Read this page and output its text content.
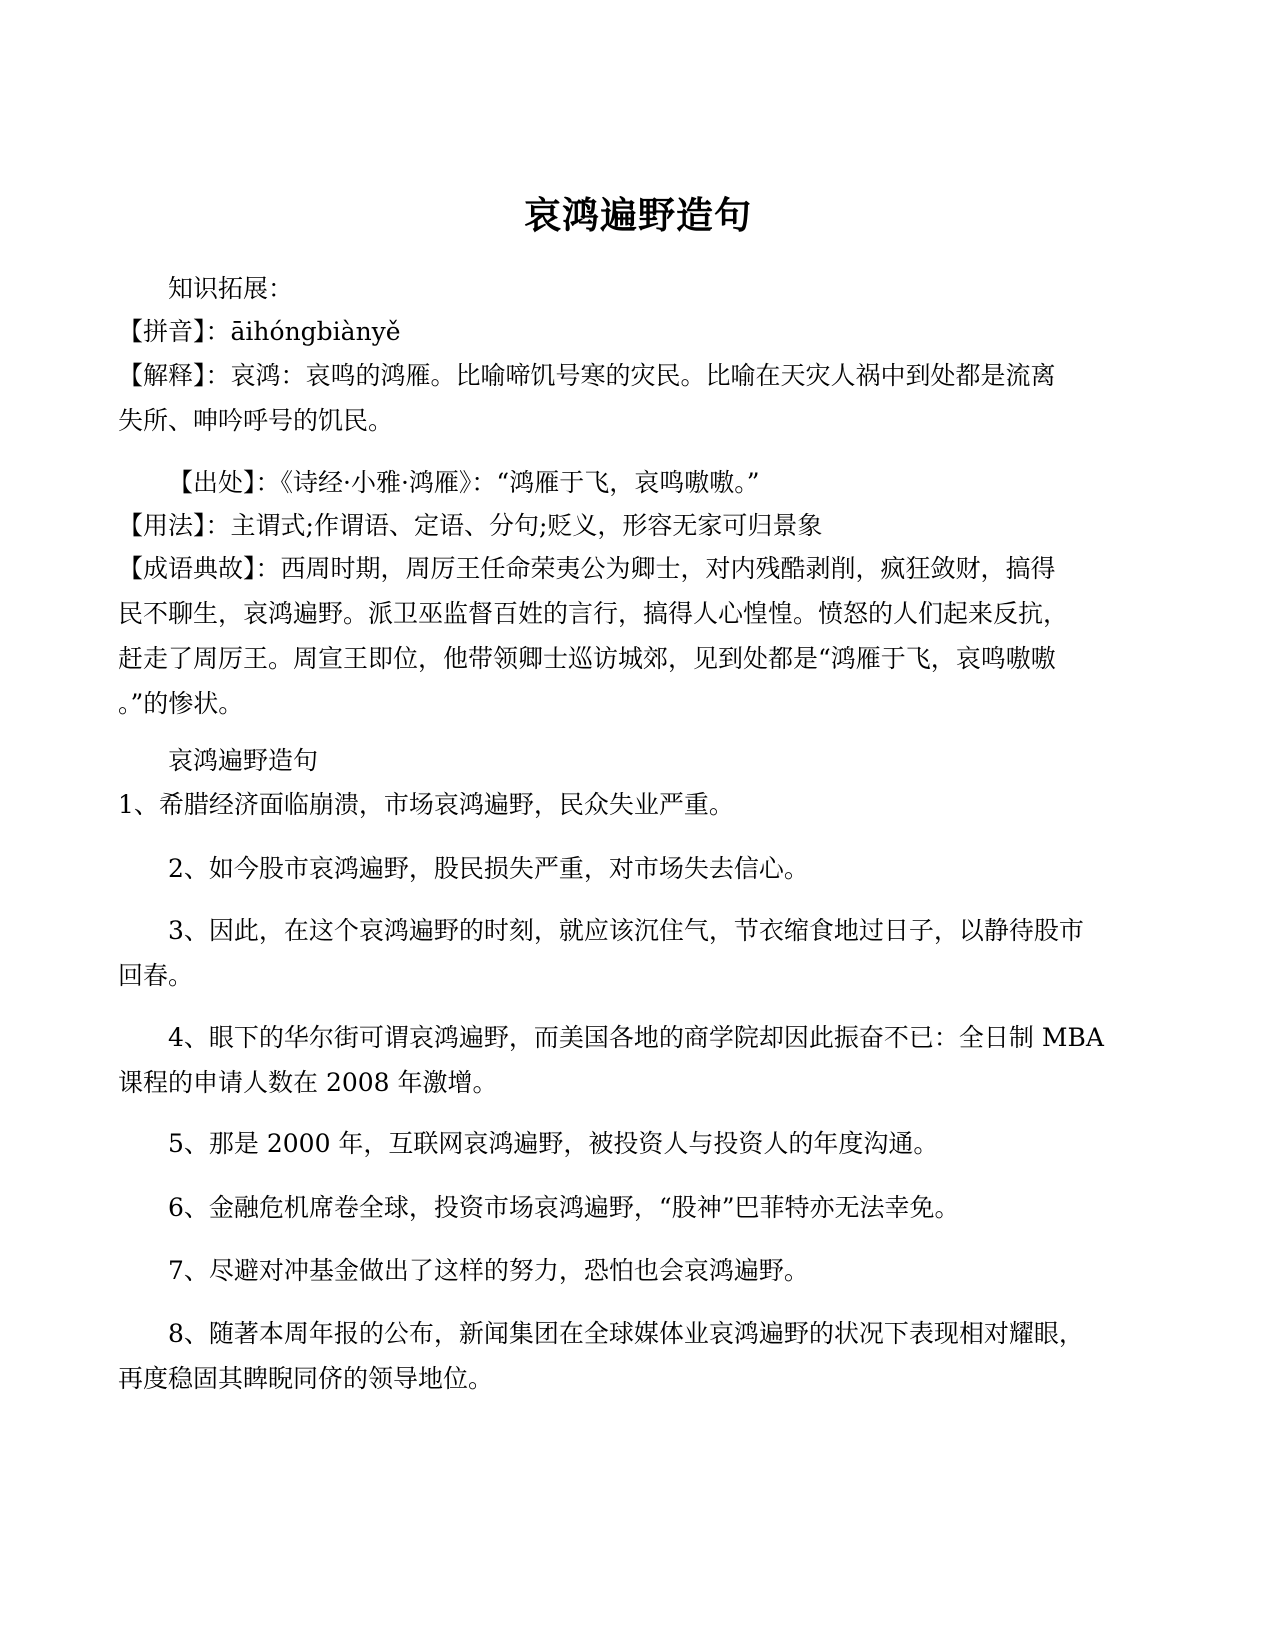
哀鸿遍野造句

知识拓展：

【拼音】：āihóngbiànyě

【解释】：哀鸿：哀鸣的鸿雁。比喻啼饥号寒的灾民。比喻在天灾人祸中到处都是流离
失所、呻吟呼号的饥民。

【出处】：《诗经·小雅·鸿雁》：“鸿雁于飞，哀鸣嗷嗷。”

【用法】：主谓式;作谓语、定语、分句;贬义，形容无家可归景象

【成语典故】：西周时期，周厉王任命荣夷公为卿士，对内残酷剥削，疯狂敛财，搞得
民不聊生，哀鸿遍野。派卫巫监督百姓的言行，搞得人心惶惶。愤怒的人们起来反抗，
赶走了周厉王。周宣王即位，他带领卿士巡访城郊，见到处都是“鸿雁于飞，哀鸣嗷嗷
。”的惨状。

哀鸿遍野造句

1、希腊经济面临崩溃，市场哀鸿遍野，民众失业严重。

2、如今股市哀鸿遍野，股民损失严重，对市场失去信心。

3、因此，在这个哀鸿遍野的时刻，就应该沉住气，节衣缩食地过日子，以静待股市
回春。

4、眼下的华尔街可谓哀鸿遍野，而美国各地的商学院却因此振奋不已：全日制 MBA
课程的申请人数在 2008 年激增。

5、那是 2000 年，互联网哀鸿遍野，被投资人与投资人的年度沟通。

6、金融危机席卷全球，投资市场哀鸿遍野，“股神”巴菲特亦无法幸免。

7、尽避对冲基金做出了这样的努力，恐怕也会哀鸿遍野。

8、随著本周年报的公布，新闻集团在全球媒体业哀鸿遍野的状况下表现相对耀眼，
再度稳固其睥睨同侪的领导地位。
